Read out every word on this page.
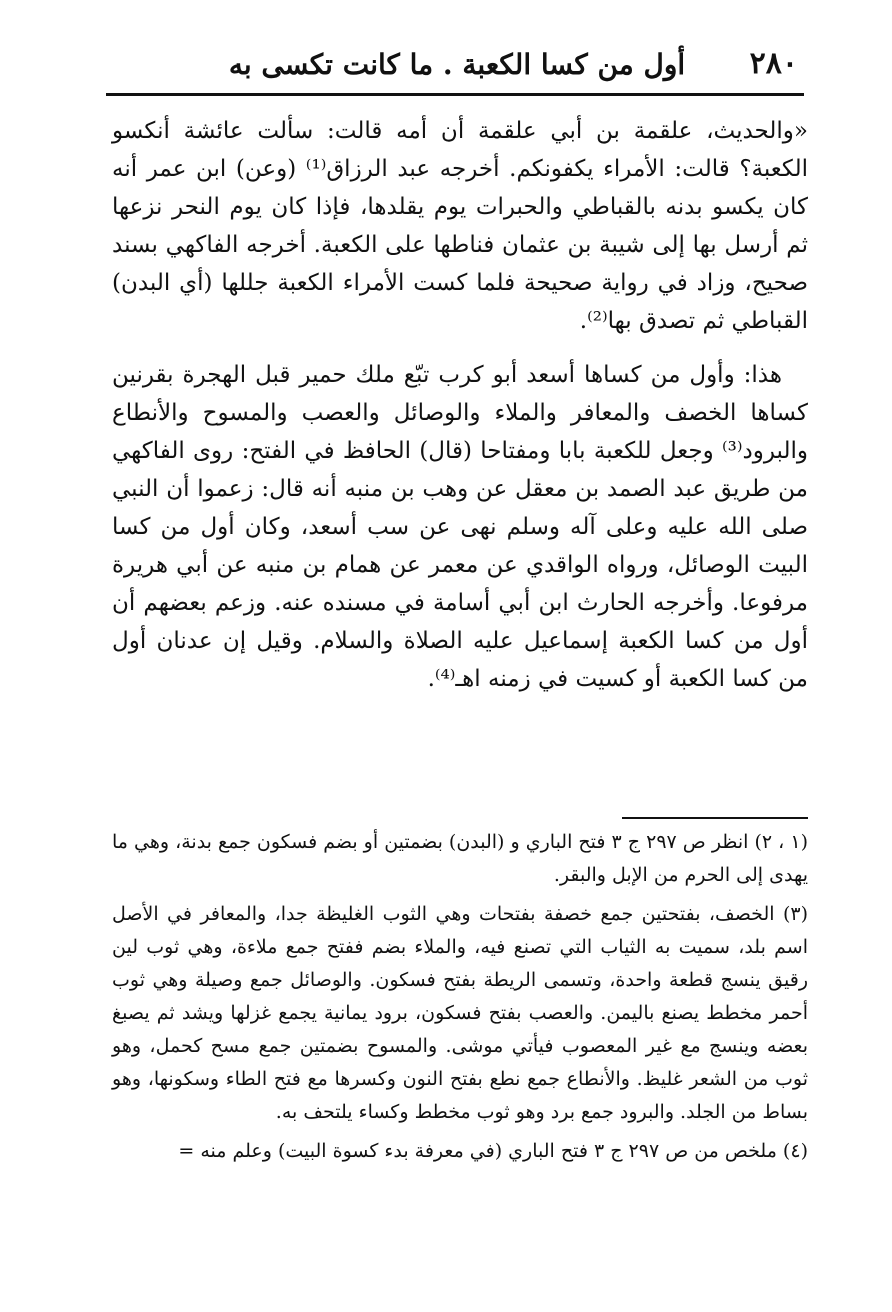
٢٨٠
أول من كسا الكعبة . ما كانت تكسى به

«والحديث، علقمة بن أبي علقمة أن أمه قالت: سألت عائشة أنكسو الكعبة؟ قالت: الأمراء يكفونكم. أخرجه عبد الرزاق⁽¹⁾ (وعن) ابن عمر أنه كان يكسو بدنه بالقباطي والحبرات يوم يقلدها، فإذا كان يوم النحر نزعها ثم أرسل بها إلى شيبة بن عثمان فناطها على الكعبة. أخرجه الفاكهي بسند صحيح، وزاد في رواية صحيحة فلما كست الأمراء الكعبة جللها (أي البدن) القباطي ثم تصدق بها⁽²⁾.

هذا: وأول من كساها أسعد أبو كرب تبّع ملك حمير قبل الهجرة بقرنين كساها الخصف والمعافر والملاء والوصائل والعصب والمسوح والأنطاع والبرود⁽³⁾ وجعل للكعبة بابا ومفتاحا (قال) الحافظ في الفتح: روى الفاكهي من طريق عبد الصمد بن معقل عن وهب بن منبه أنه قال: زعموا أن النبي صلى الله عليه وعلى آله وسلم نهى عن سب أسعد، وكان أول من كسا البيت الوصائل، ورواه الواقدي عن معمر عن همام بن منبه عن أبي هريرة مرفوعا. وأخرجه الحارث ابن أبي أسامة في مسنده عنه. وزعم بعضهم أن أول من كسا الكعبة إسماعيل عليه الصلاة والسلام. وقيل إن عدنان أول من كسا الكعبة أو كسيت في زمنه اهـ⁽⁴⁾.

(١ ، ٢) انظر ص ٢٩٧ ج ٣ فتح الباري و (البدن) بضمتين أو بضم فسكون جمع بدنة، وهي ما يهدى إلى الحرم من الإبل والبقر.

(٣) الخصف، بفتحتين جمع خصفة بفتحات وهي الثوب الغليظة جدا، والمعافر في الأصل اسم بلد، سميت به الثياب التي تصنع فيه، والملاء بضم ففتح جمع ملاءة، وهي ثوب لين رقيق ينسج قطعة واحدة، وتسمى الريطة بفتح فسكون. والوصائل جمع وصيلة وهي ثوب أحمر مخطط يصنع باليمن. والعصب بفتح فسكون، برود يمانية يجمع غزلها ويشد ثم يصبغ بعضه وينسج مع غير المعصوب فيأتي موشى. والمسوح بضمتين جمع مسح كحمل، وهو ثوب من الشعر غليظ. والأنطاع جمع نطع بفتح النون وكسرها مع فتح الطاء وسكونها، وهو بساط من الجلد. والبرود جمع برد وهو ثوب مخطط وكساء يلتحف به.

(٤) ملخص من ص ٢٩٧ ج ٣ فتح الباري (في معرفة بدء كسوة البيت) وعلم منه =
